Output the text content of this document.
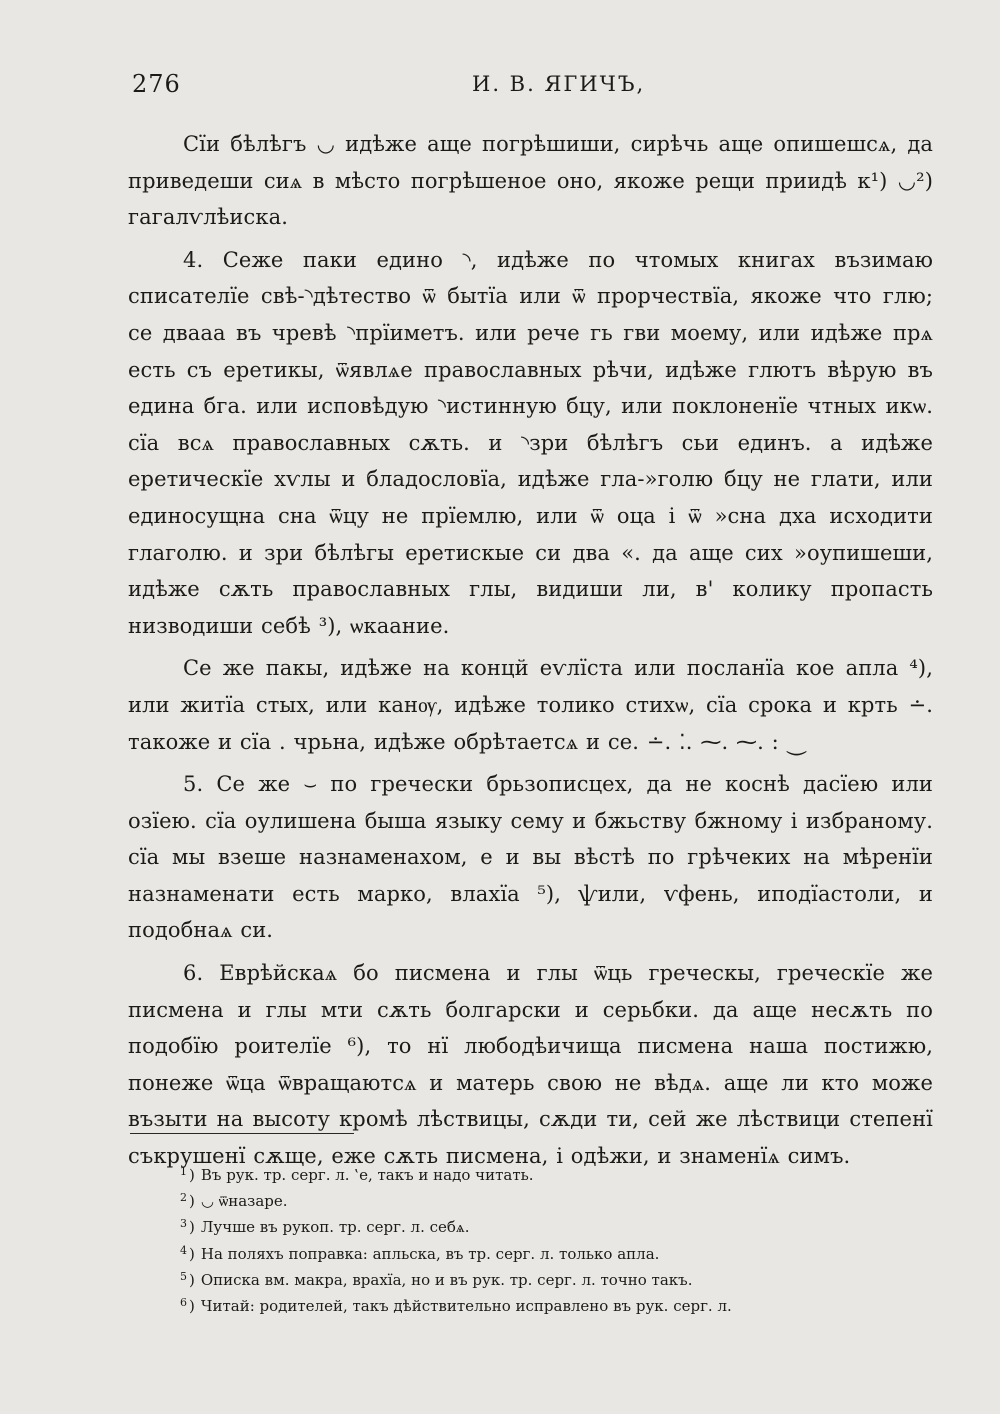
276	И. В. ЯГИЧЪ,

Сїи бѣлѣгъ ◡ идѣже аще погрѣшиши, сирѣчь аще опишешсѧ, да приведеши сиѧ в мѣсто погрѣшеное оно, якоже рещи приидѣ к¹) ◡²) гагалѵлѣиска.

4. Сеже паки едино ◝, идѣже по чтомых книгах възимаю списателїе свѣ-◝дѣтество ѿ бытїа или ѿ прорчествїа, якоже что глю; се двааа въ чревѣ ◝прїиметъ. или рече гь гви моему, или идѣже прѧ есть съ еретикы, ѿявлѧе православных рѣчи, идѣже глютъ вѣрую въ едина бга. или исповѣдую ◝истинную бцу, или поклоненїе чтных икѡ. сїа всѧ православных сѫть. и ◝зри бѣлѣгъ сьи единъ. а идѣже еретическїе хѵлы и бладословїа, идѣже гла-»голю бцу не глати, или единосущна сна ѿцу не прїемлю, или ѿ оца і ѿ »сна дха исходити глаголю. и зри бѣлѣгы еретискые си два «. да аще сих »оупишеши, идѣже сѫть православных глы, видиши ли, в' колику пропасть низводиши себѣ ³), ѡкаание.

Се же пакы, идѣже на концй еѵлїста или посланїа кое апла ⁴), или житїа стых, или канѹ, идѣже толико стихѡ, сїа срока и крть ∸. такоже и сїа . чрьна, идѣже обрѣтаетсѧ и се. ∸. ⁚. ⁓. ⁓. : ⏝

5. Се же ⌣ по гречески брьзописцех, да не коснѣ дасїею или озїею. сїа оулишена быша языку сему и бжьству бжному і избраному. сїа мы взеше назнаменахом, е и вы вѣстѣ по грѣчеких на мѣренїи назнаменати есть марко, влахїа ⁵), ѱили, ѵфень, иподїастоли, и подобнаѧ си.

6. Еврѣйскаѧ бо писмена и глы ѿць греческы, греческїе же писмена и глы мти сѫть болгарски и серьбки. да аще несѫть по подобїю роителїе ⁶), то нї любодѣичища писмена наша постижю, понеже ѿца ѿвращаютсѧ и матерь свою не вѣдѧ. аще ли кто може възыти на высоту кромѣ лѣствицы, сѫди ти, сей же лѣствици степенї съкрушенї сѫще, еже сѫть писмена, і одѣжи, и знаменїѧ симъ.

1 ) Въ рук. тр. серг. л. ‛е, такъ и надо читать.
2 ) ◡ ѿназаре.
3 ) Лучше въ рукоп. тр. серг. л. себѧ.
4 ) На поляхъ поправка: апльска, въ тр. серг. л. только апла.
5 ) Описка вм. макра, врахїа, но и въ рук. тр. серг. л. точно такъ.
6 ) Читай: родителей, такъ дѣйствительно исправлено въ рук. серг. л.
